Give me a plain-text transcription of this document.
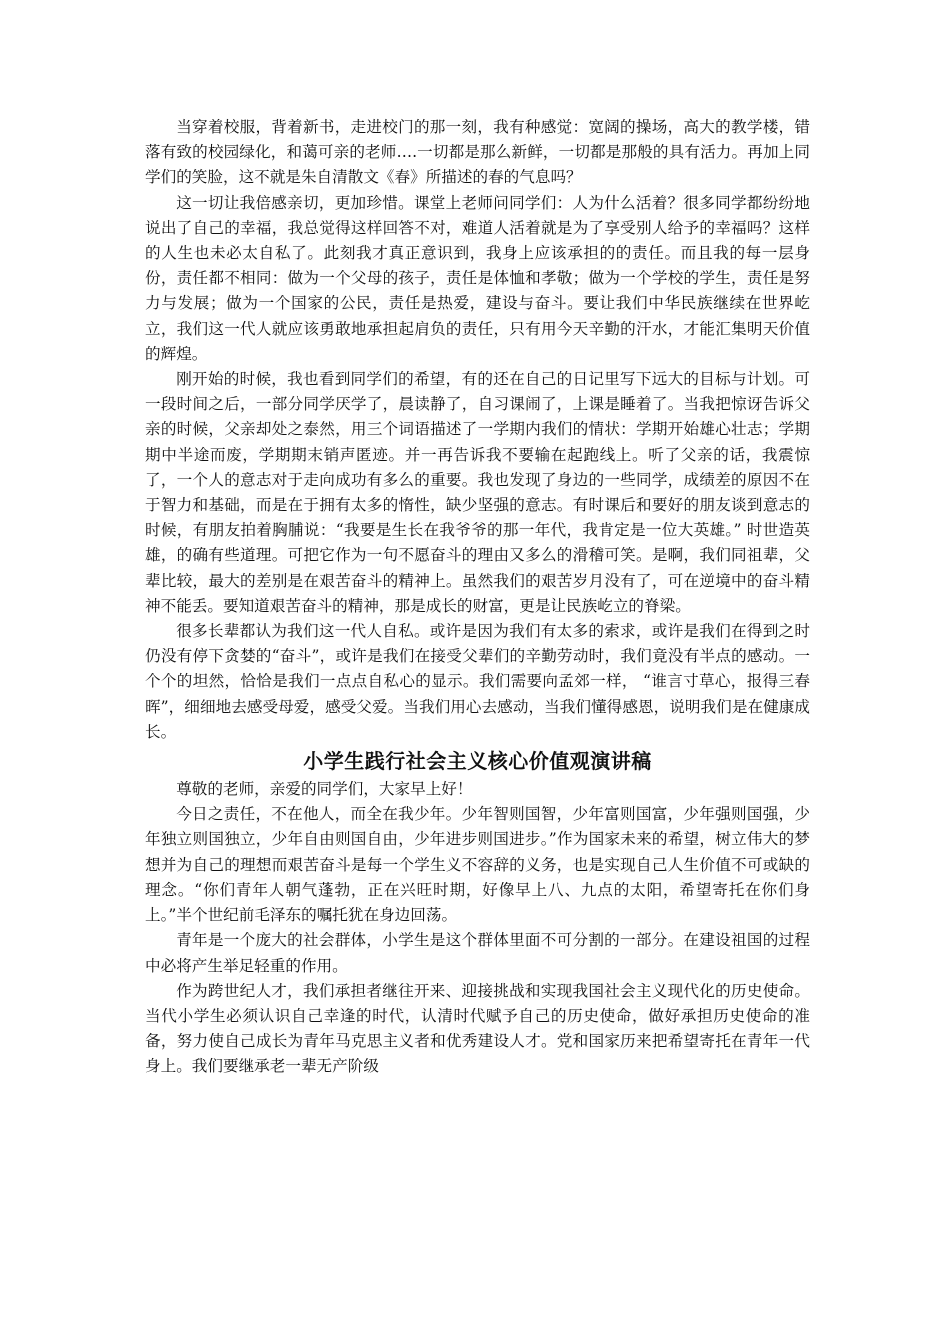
当穿着校服，背着新书，走进校门的那一刻，我有种感觉：宽阔的操场，高大的教学楼，错落有致的校园绿化，和蔼可亲的老师….一切都是那么新鲜，一切都是那般的具有活力。再加上同学们的笑脸，这不就是朱自清散文《春》所描述的春的气息吗？

这一切让我倍感亲切，更加珍惜。课堂上老师问同学们：人为什么活着？很多同学都纷纷地说出了自己的幸福，我总觉得这样回答不对，难道人活着就是为了享受别人给予的幸福吗？这样的人生也未必太自私了。此刻我才真正意识到，我身上应该承担的的责任。而且我的每一层身份，责任都不相同：做为一个父母的孩子，责任是体恤和孝敬；做为一个学校的学生，责任是努力与发展；做为一个国家的公民，责任是热爱，建设与奋斗。要让我们中华民族继续在世界屹立，我们这一代人就应该勇敢地承担起肩负的责任，只有用今天辛勤的汗水，才能汇集明天价值的辉煌。

刚开始的时候，我也看到同学们的希望，有的还在自己的日记里写下远大的目标与计划。可一段时间之后，一部分同学厌学了，晨读静了，自习课闹了，上课是睡着了。当我把惊讶告诉父亲的时候，父亲却处之泰然，用三个词语描述了一学期内我们的情状：学期开始雄心壮志；学期期中半途而废，学期期末销声匿迹。并一再告诉我不要输在起跑线上。听了父亲的话，我震惊了，一个人的意志对于走向成功有多么的重要。我也发现了身边的一些同学，成绩差的原因不在于智力和基础，而是在于拥有太多的惰性，缺少坚强的意志。有时课后和要好的朋友谈到意志的时候，有朋友拍着胸脯说：“我要是生长在我爷爷的那一年代，我肯定是一位大英雄。” 时世造英雄，的确有些道理。可把它作为一句不愿奋斗的理由又多么的滑稽可笑。是啊，我们同祖辈，父辈比较，最大的差别是在艰苦奋斗的精神上。虽然我们的艰苦岁月没有了，可在逆境中的奋斗精神不能丢。要知道艰苦奋斗的精神，那是成长的财富，更是让民族屹立的脊梁。

很多长辈都认为我们这一代人自私。或许是因为我们有太多的索求，或许是我们在得到之时仍没有停下贪婪的“奋斗”，或许是我们在接受父辈们的辛勤劳动时，我们竟没有半点的感动。一个个的坦然，恰恰是我们一点点自私心的显示。我们需要向孟郊一样， “谁言寸草心，报得三春晖”，细细地去感受母爱，感受父爱。当我们用心去感动，当我们懂得感恩，说明我们是在健康成长。

小学生践行社会主义核心价值观演讲稿

尊敬的老师，亲爱的同学们，大家早上好！

今日之责任，不在他人，而全在我少年。少年智则国智，少年富则国富，少年强则国强，少年独立则国独立，少年自由则国自由，少年进步则国进步。”作为国家未来的希望，树立伟大的梦想并为自己的理想而艰苦奋斗是每一个学生义不容辞的义务，也是实现自己人生价值不可或缺的理念。“你们青年人朝气蓬勃，正在兴旺时期，好像早上八、九点的太阳，希望寄托在你们身上。”半个世纪前毛泽东的嘱托犹在身边回荡。

青年是一个庞大的社会群体，小学生是这个群体里面不可分割的一部分。在建设祖国的过程中必将产生举足轻重的作用。

作为跨世纪人才，我们承担者继往开来、迎接挑战和实现我国社会主义现代化的历史使命。当代小学生必须认识自己幸逢的时代，认清时代赋予自己的历史使命，做好承担历史使命的准备，努力使自己成长为青年马克思主义者和优秀建设人才。党和国家历来把希望寄托在青年一代身上。我们要继承老一辈无产阶级
